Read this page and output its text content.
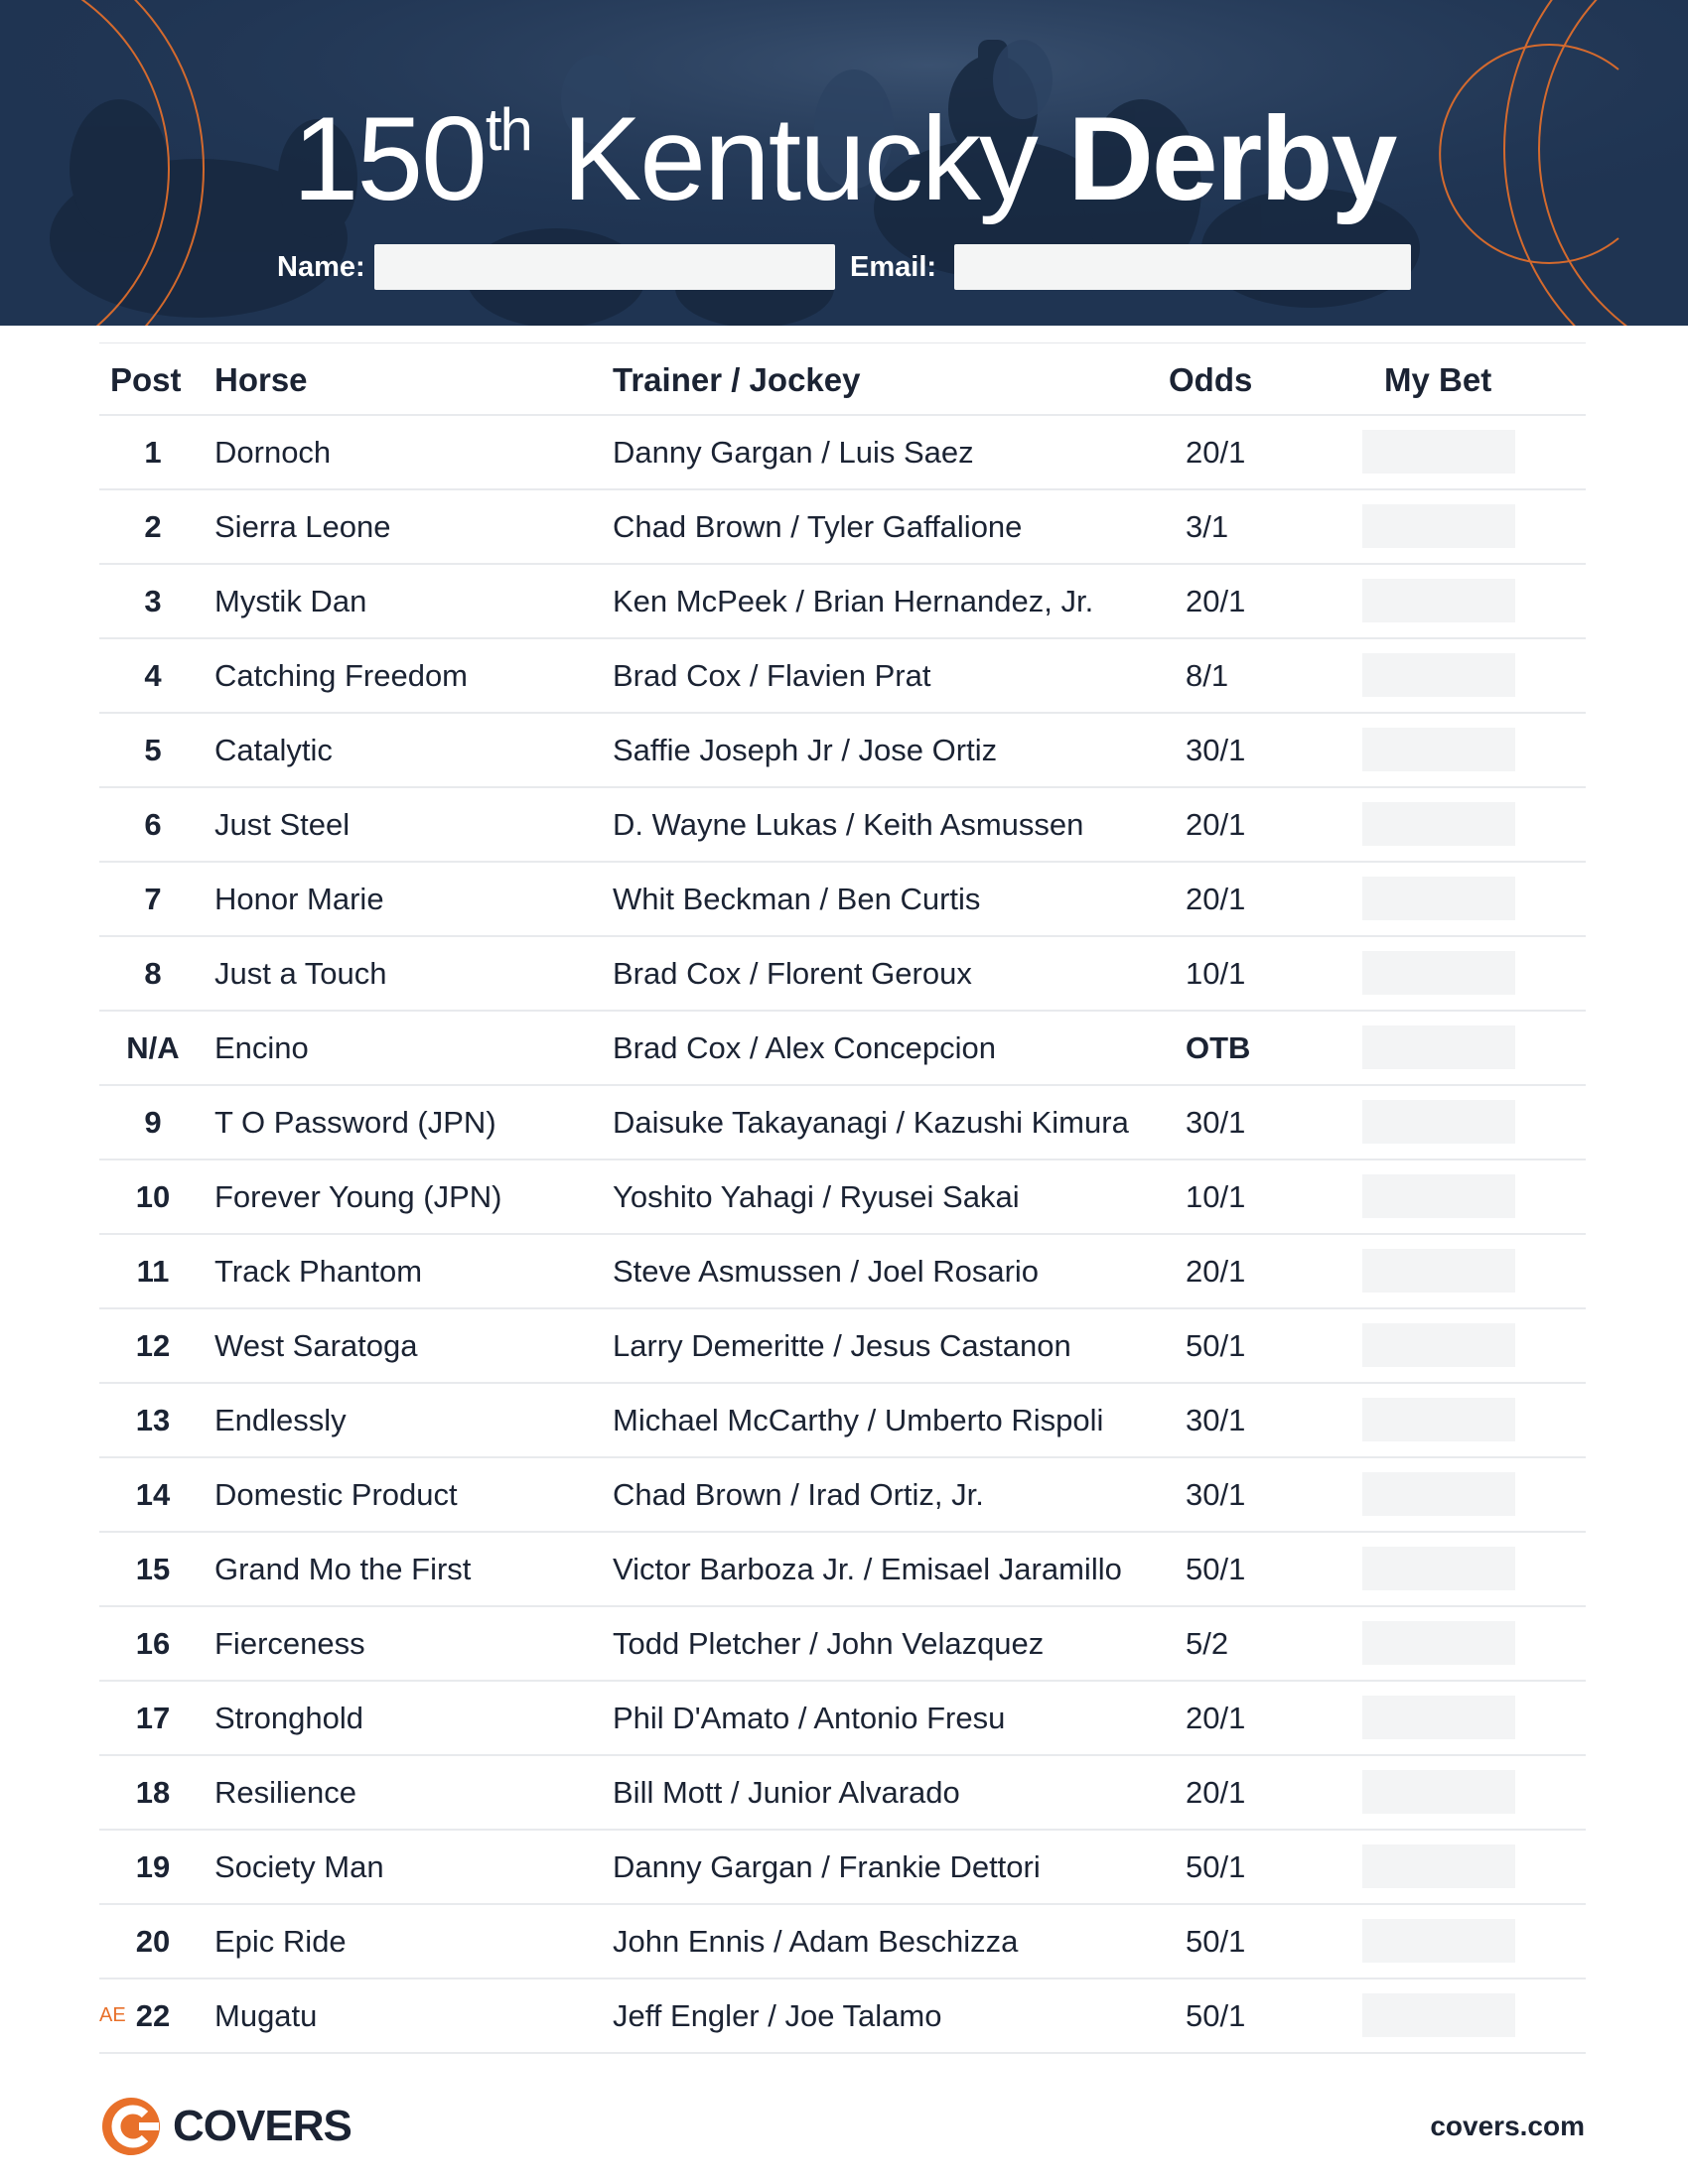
150th Kentucky Derby
Name:	Email:
Post Horse	Trainer / Jockey	Odds	My Bet
1	Dornoch	Danny Gargan / Luis Saez	20/1
2	Sierra Leone	Chad Brown / Tyler Gaffalione	3/1
3	Mystik Dan	Ken McPeek / Brian Hernandez, Jr.	20/1
4	Catching Freedom	Brad Cox / Flavien Prat	8/1
5	Catalytic	Saffie Joseph Jr / Jose Ortiz	30/1
6	Just Steel	D. Wayne Lukas / Keith Asmussen	20/1
7	Honor Marie	Whit Beckman / Ben Curtis	20/1
8	Just a Touch	Brad Cox / Florent Geroux	10/1
N/A	Encino	Brad Cox / Alex Concepcion	OTB
9	T O Password (JPN)	Daisuke Takayanagi / Kazushi Kimura 30/1
10	Forever Young (JPN)	Yoshito Yahagi / Ryusei Sakai	10/1
11	Track Phantom	Steve Asmussen / Joel Rosario	20/1
12	West Saratoga	Larry Demeritte / Jesus Castanon	50/1
13	Endlessly	Michael McCarthy / Umberto Rispoli	30/1
14	Domestic Product	Chad Brown / Irad Ortiz, Jr.	30/1
15	Grand Mo the First	Victor Barboza Jr. / Emisael Jaramillo 50/1
16	Fierceness	Todd Pletcher / John Velazquez	5/2
17	Stronghold	Phil D'Amato / Antonio Fresu	20/1
18	Resilience	Bill Mott / Junior Alvarado	20/1
19	Society Man	Danny Gargan / Frankie Dettori	50/1
20	Epic Ride	John Ennis / Adam Beschizza	50/1
AE 22	Mugatu	Jeff Engler / Joe Talamo	50/1
COVERS	covers.com
